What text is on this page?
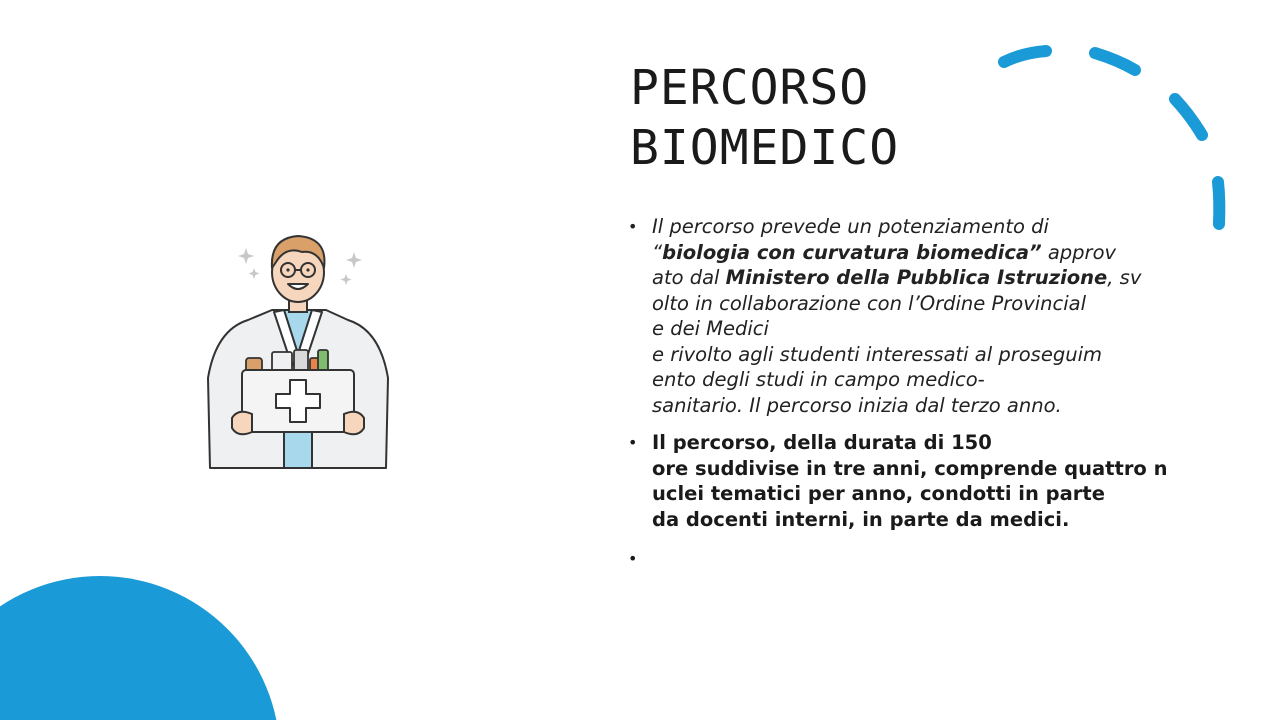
PERCORSO
BIOMEDICO
• Il percorso prevede un potenziamento di
“biologia con curvatura biomedica” approv
ato dal Ministero della Pubblica Istruzione, sv
olto in collaborazione con l’Ordine Provincial
e dei Medici
e rivolto agli studenti interessati al proseguim
ento degli studi in campo medico-
sanitario. Il percorso inizia dal terzo anno.
• Il percorso, della durata di 150
ore suddivise in tre anni, comprende quattro n
uclei tematici per anno, condotti in parte
da docenti interni, in parte da medici.
•
